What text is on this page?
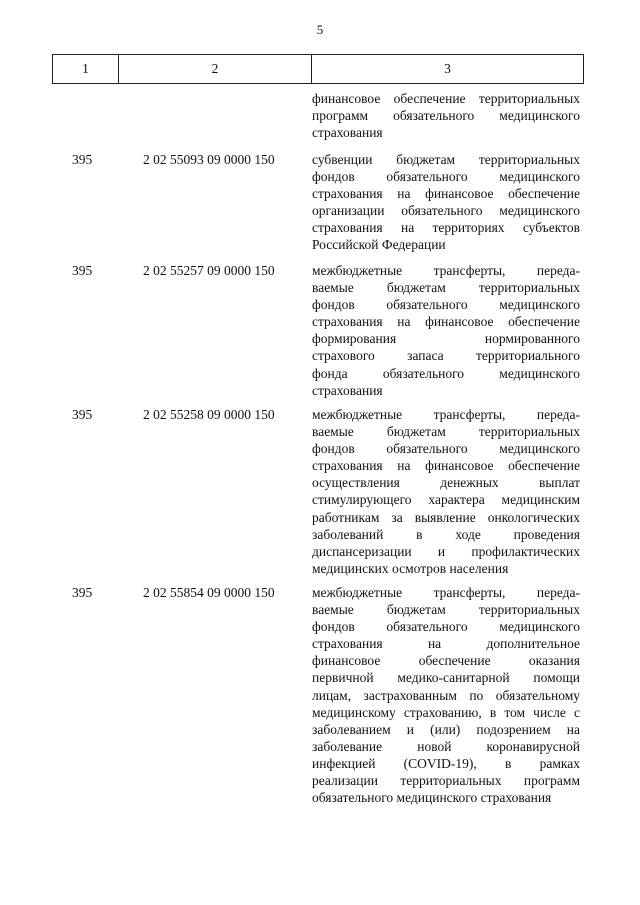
5
1	2	3
финансовое обеспечение территориальных
программ обязательного медицинского
страхования
395	2 02 55093 09 0000 150	субвенции бюджетам территориальных
фондов обязательного медицинского
страхования на финансовое обеспечение
организации обязательного медицинского
страхования на территориях субъектов
Российской Федерации
395	2 02 55257 09 0000 150	межбюджетные трансферты, переда-
ваемые бюджетам территориальных
фондов обязательного медицинского
страхования на финансовое обеспечение
формирования нормированного
страхового запаса территориального
фонда обязательного медицинского
страхования
395	2 02 55258 09 0000 150	межбюджетные трансферты, переда-
ваемые бюджетам территориальных
фондов обязательного медицинского
страхования на финансовое обеспечение
осуществления денежных выплат
стимулирующего характера медицинским
работникам за выявление онкологических
заболеваний в ходе проведения
диспансеризации и профилактических
медицинских осмотров населения
395	2 02 55854 09 0000 150	межбюджетные трансферты, переда-
ваемые бюджетам территориальных
фондов обязательного медицинского
страхования на дополнительное
финансовое обеспечение оказания
первичной медико-санитарной помощи
лицам, застрахованным по обязательному
медицинскому страхованию, в том числе с
заболеванием и (или) подозрением на
заболевание новой коронавирусной
инфекцией (COVID-19), в рамках
реализации территориальных программ
обязательного медицинского страхования
